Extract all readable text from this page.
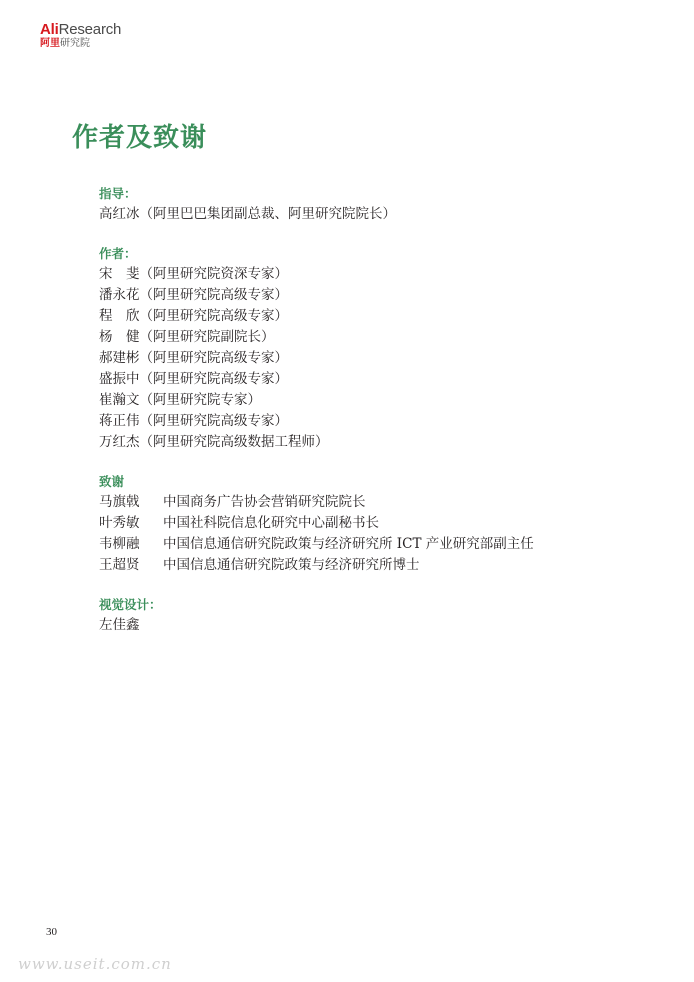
AliResearch
阿里研究院
作者及致谢
指导：
高红冰（阿里巴巴集团副总裁、阿里研究院院长）
作者：
宋　斐（阿里研究院资深专家）
潘永花（阿里研究院高级专家）
程　欣（阿里研究院高级专家）
杨　健（阿里研究院副院长）
郝建彬（阿里研究院高级专家）
盛振中（阿里研究院高级专家）
崔瀚文（阿里研究院专家）
蒋正伟（阿里研究院高级专家）
万红杰（阿里研究院高级数据工程师）
致谢
马旗戟 中国商务广告协会营销研究院院长
叶秀敏 中国社科院信息化研究中心副秘书长
韦柳融 中国信息通信研究院政策与经济研究所 ICT 产业研究部副主任
王超贤 中国信息通信研究院政策与经济研究所博士
视觉设计：
左佳鑫
30
www.useit.com.cn
